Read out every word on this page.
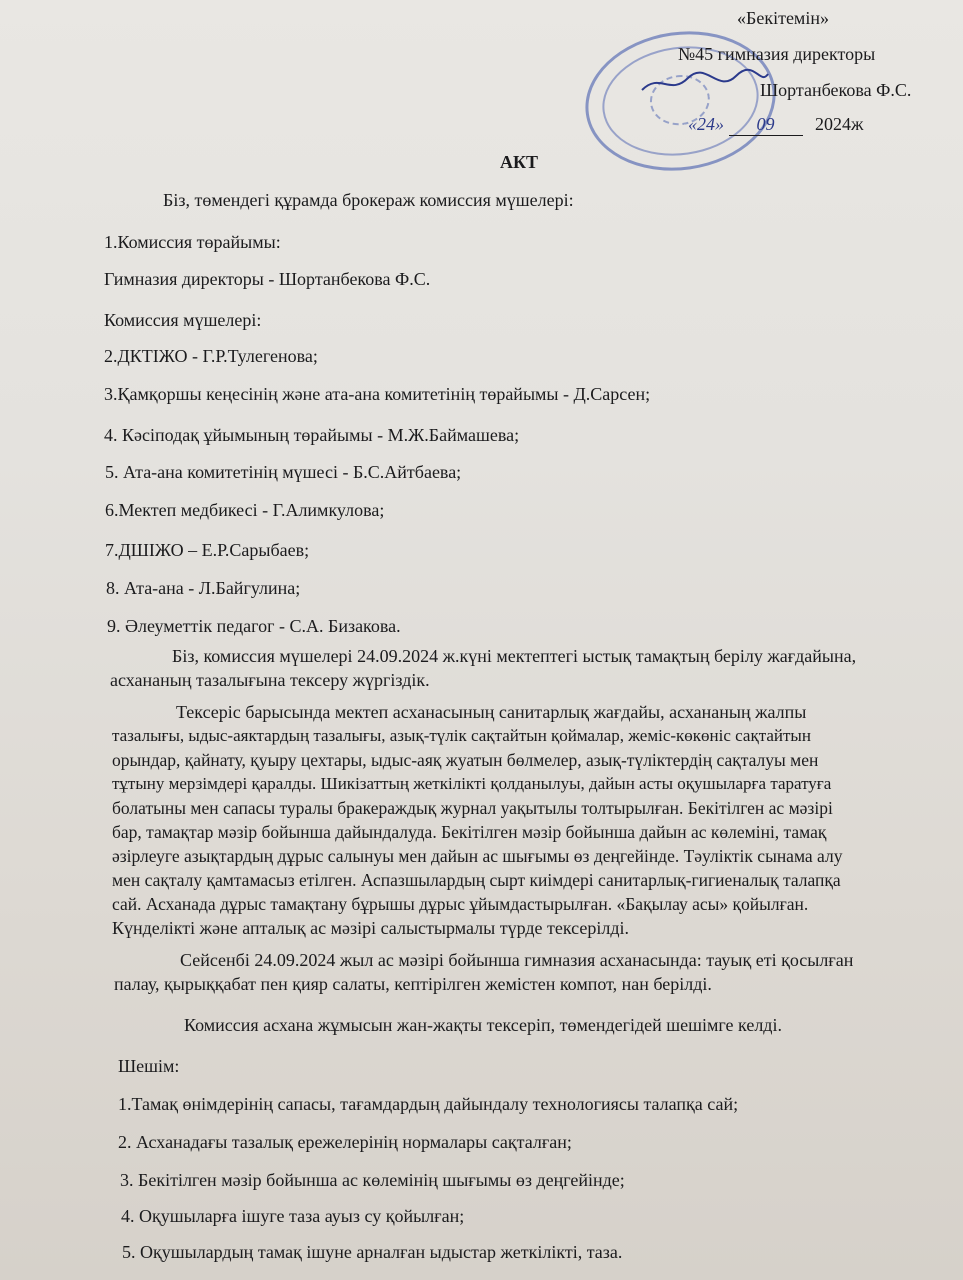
«Бекітемін»
№45 гимназия директоры
Шортанбекова Ф.С.
«24» 09 2024ж
АКТ
Біз, төмендегі құрамда брокераж комиссия мүшелері:
1.Комиссия төрайымы:
Гимназия директоры - Шортанбекова Ф.С.
Комиссия мүшелері:
2.ДКТІЖО - Г.Р.Тулегенова;
3.Қамқоршы кеңесінің және ата-ана комитетінің төрайымы - Д.Сарсен;
4. Кәсіподақ ұйымының төрайымы - М.Ж.Баймашева;
5. Ата-ана комитетінің мүшесі - Б.С.Айтбаева;
6.Мектеп медбикесі - Г.Алимкулова;
7.ДШІЖО – Е.Р.Сарыбаев;
8. Ата-ана - Л.Байгулина;
9. Әлеуметтік педагог - С.А. Бизакова.
Біз, комиссия мүшелері 24.09.2024 ж.күні мектептегі ыстық тамақтың берілу жағдайына,
асхананың тазалығына тексеру жүргіздік.
Тексеріс барысында мектеп асханасының санитарлық жағдайы, асхананың жалпы
тазалығы, ыдыс-аяктардың тазалығы, азық-түлік сақтайтын қоймалар, жеміс-көкөніс сақтайтын
орындар, қайнату, қуыру цехтары, ыдыс-аяқ жуатын бөлмелер, азық-түліктердің сақталуы мен
тұтыну мерзімдері қаралды. Шикізаттың жеткілікті қолданылуы, дайын асты оқушыларға таратуға
болатыны мен сапасы туралы бракераждық журнал уақытылы толтырылған. Бекітілген ас мәзірі
бар, тамақтар мәзір бойынша дайындалуда. Бекітілген мәзір бойынша дайын ас көлеміні, тамақ
әзірлеуге азықтардың дұрыс салынуы мен дайын ас шығымы өз деңгейінде. Тәуліктік сынама алу
мен сақталу қамтамасыз етілген. Аспазшылардың сырт киімдері санитарлық-гигиеналық талапқа
сай. Асханада дұрыс тамақтану бұрышы дұрыс ұйымдастырылған. «Бақылау асы» қойылған.
Күнделікті және апталық ас мәзірі салыстырмалы түрде тексерілді.
Сейсенбі 24.09.2024 жыл ас мәзірі бойынша гимназия асханасында: тауық еті қосылған
палау, қырыққабат пен қияр салаты, кептірілген жемістен компот, нан берілді.
Комиссия асхана жұмысын жан-жақты тексеріп, төмендегідей шешімге келді.
Шешім:
1.Тамақ өнімдерінің сапасы, тағамдардың дайындалу технологиясы талапқа сай;
2. Асханадағы тазалық ережелерінің нормалары сақталған;
3. Бекітілген мәзір бойынша ас көлемінің шығымы өз деңгейінде;
4. Оқушыларға ішуге таза ауыз су қойылған;
5. Оқушылардың тамақ ішуне арналған ыдыстар жеткілікті, таза.
